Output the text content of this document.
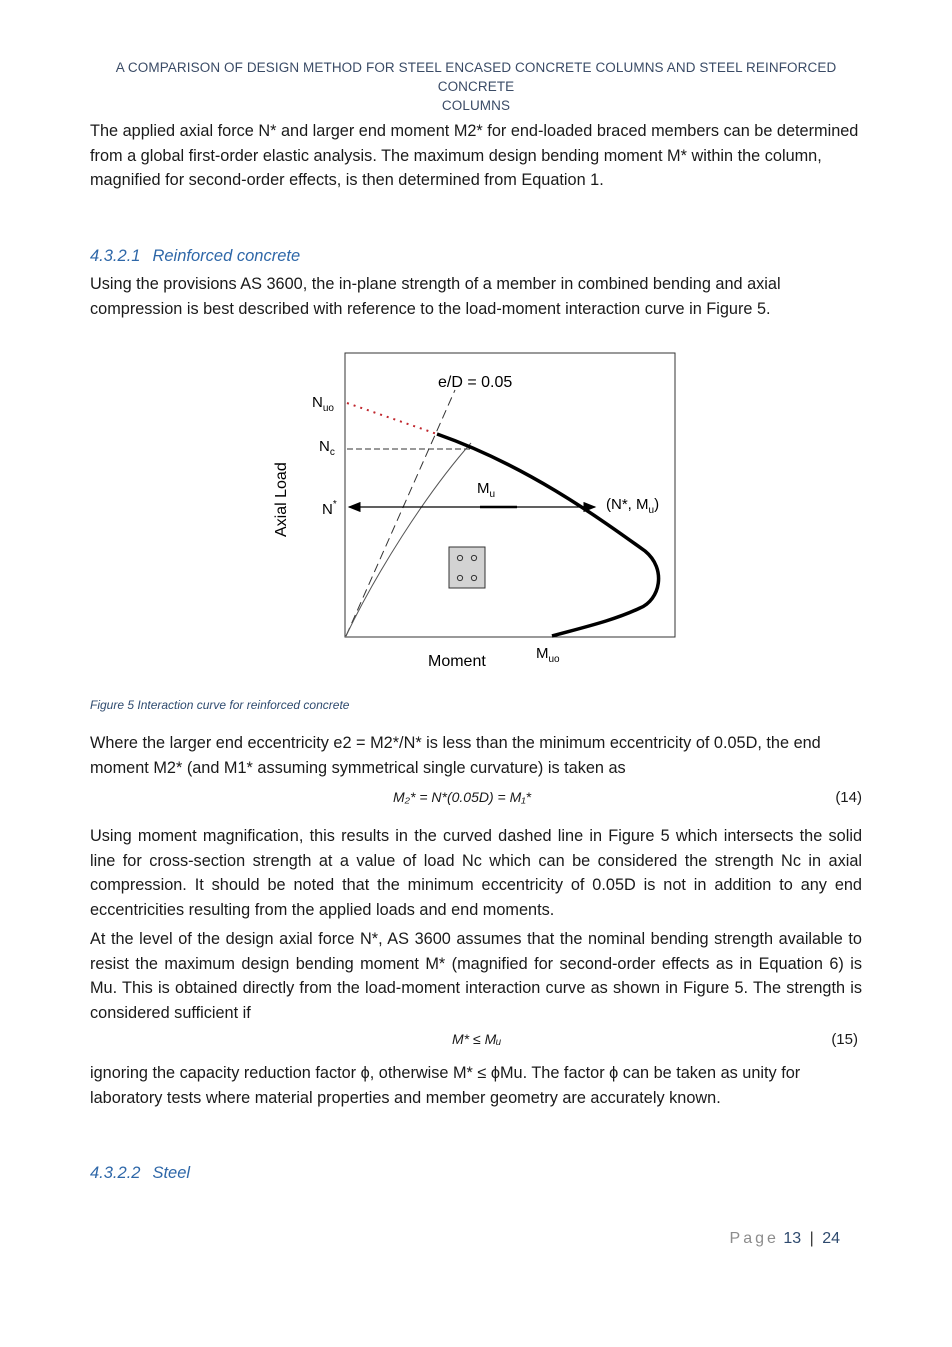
A COMPARISON OF DESIGN METHOD FOR STEEL ENCASED CONCRETE COLUMNS AND STEEL REINFORCED CONCRETE
COLUMNS

The applied axial force N* and larger end moment M2* for end-loaded braced members can be determined from a global first-order elastic analysis. The maximum design bending moment M* within the column, magnified for second-order effects, is then determined from Equation 1.

4.3.2.1 Reinforced concrete

Using the provisions AS 3600, the in-plane strength of a member in combined bending and axial compression is best described with reference to the load-moment interaction curve in Figure 5.

Axial Load
Moment
e/D = 0.05
$N_{uo}$
$N_c$
N*
$M_u$
(N*, $M_u$)
$M_{uo}$
Figure 5 Interaction curve for reinforced concrete

Where the larger end eccentricity e2 = M2*/N* is less than the minimum eccentricity of 0.05D, the end moment M2* (and M1* assuming symmetrical single curvature) is taken as

M₂* = N*(0.05D) = M₁*	(14)

Using moment magnification, this results in the curved dashed line in Figure 5 which intersects the solid line for cross-section strength at a value of load Nc which can be considered the strength Nc in axial compression. It should be noted that the minimum eccentricity of 0.05D is not in addition to any end eccentricities resulting from the applied loads and end moments.

At the level of the design axial force N*, AS 3600 assumes that the nominal bending strength available to resist the maximum design bending moment M* (magnified for second-order effects as in Equation 6) is Mu. This is obtained directly from the load-moment interaction curve as shown in Figure 5. The strength is considered sufficient if

M* ≤ Mᵤ	(15)

ignoring the capacity reduction factor ϕ, otherwise M* ≤ ϕMu. The factor ϕ can be taken as unity for laboratory tests where material properties and member geometry are accurately known.

4.3.2.2 Steel

Page 13 | 24
